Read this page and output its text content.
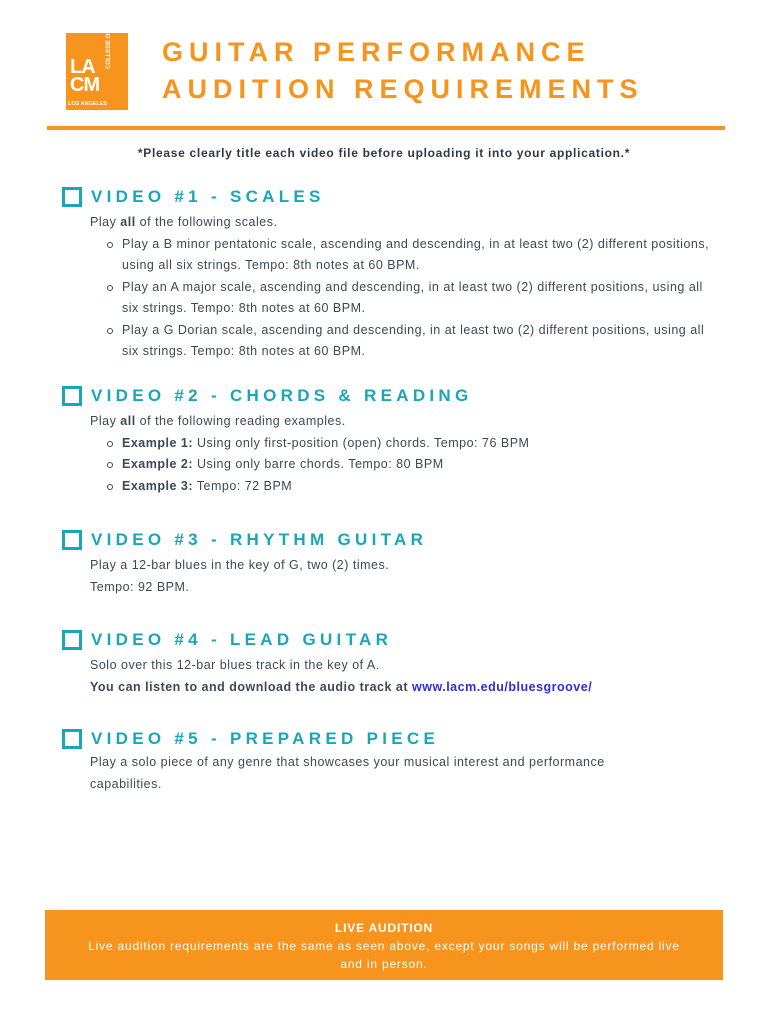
LA
CM
COLLEGE OF MUSIC
LOS ANGELES
GUITAR PERFORMANCE
AUDITION REQUIREMENTS
*Please clearly title each video file before uploading it into your application.*
VIDEO #1 - SCALES

Play all of the following scales.

Play a B minor pentatonic scale, ascending and descending, in at least two (2) different positions, using all six strings. Tempo: 8th notes at 60 BPM.
Play an A major scale, ascending and descending, in at least two (2) different positions, using all six strings. Tempo: 8th notes at 60 BPM.
Play a G Dorian scale, ascending and descending, in at least two (2) different positions, using all six strings. Tempo: 8th notes at 60 BPM.
VIDEO #2 - CHORDS & READING

Play all of the following reading examples.

Example 1: Using only first-position (open) chords. Tempo: 76 BPM
Example 2: Using only barre chords. Tempo: 80 BPM
Example 3: Tempo: 72 BPM
VIDEO #3 - RHYTHM GUITAR

Play a 12-bar blues in the key of G, two (2) times.

Tempo: 92 BPM.

VIDEO #4 - LEAD GUITAR

Solo over this 12-bar blues track in the key of A.

You can listen to and download the audio track at www.lacm.edu/bluesgroove/

VIDEO #5 - PREPARED PIECE

Play a solo piece of any genre that showcases your musical interest and performance capabilities.

LIVE AUDITION
Live audition requirements are the same as seen above, except your songs will be performed live and in person.
